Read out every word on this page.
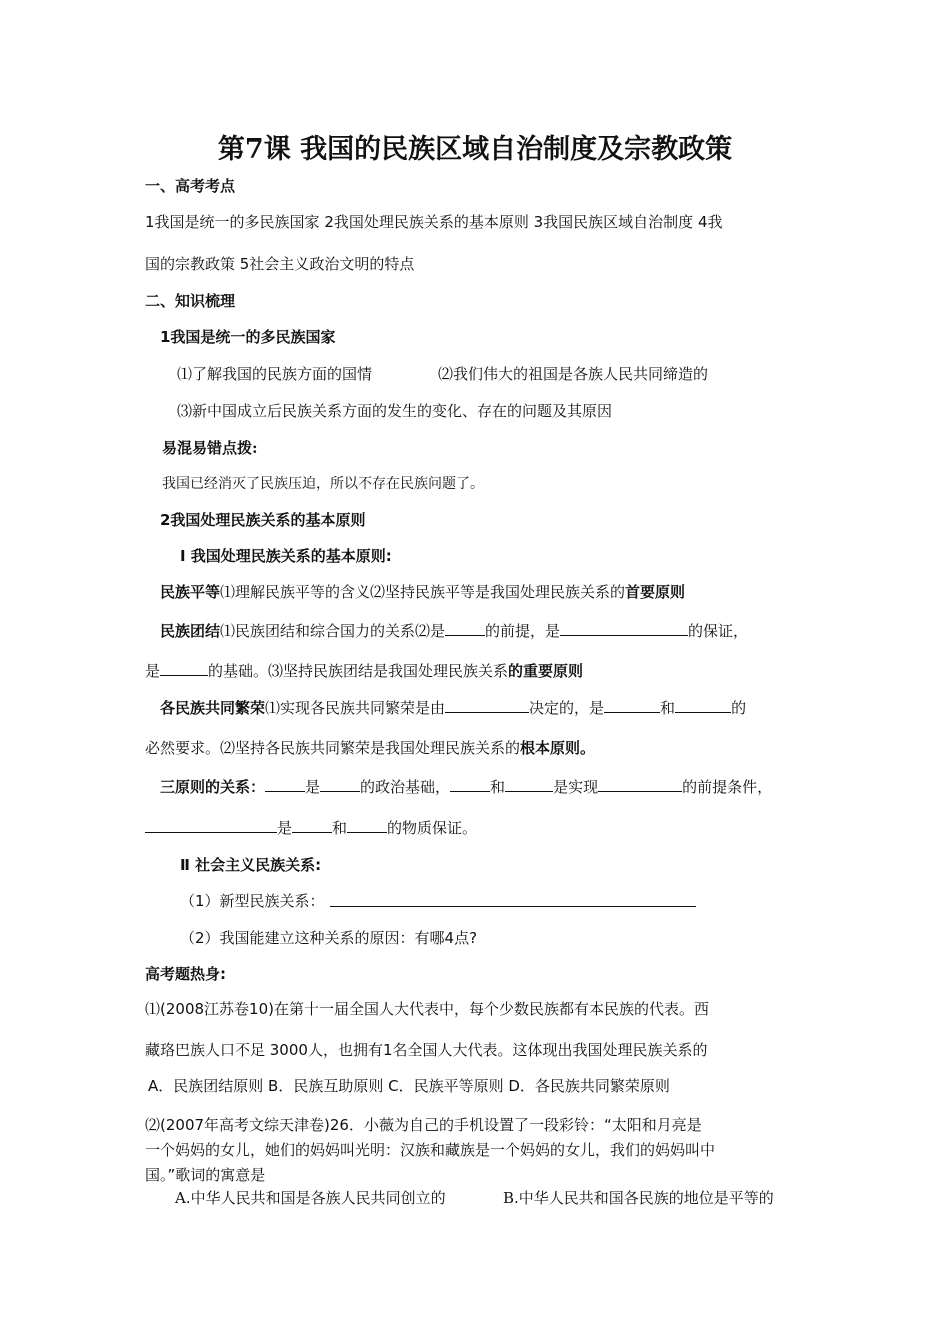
第7课 我国的民族区域自治制度及宗教政策
一、高考考点
1我国是统一的多民族国家 2我国处理民族关系的基本原则 3我国民族区域自治制度 4我
国的宗教政策 5社会主义政治文明的特点
二、知识梳理
1我国是统一的多民族国家
⑴了解我国的民族方面的国情	⑵我们伟大的祖国是各族人民共同缔造的
⑶新中国成立后民族关系方面的发生的变化、存在的问题及其原因
易混易错点拨:
我国已经消灭了民族压迫，所以不存在民族问题了。
2我国处理民族关系的基本原则
Ⅰ 我国处理民族关系的基本原则:
民族平等⑴理解民族平等的含义⑵坚持民族平等是我国处理民族关系的首要原则
民族团结⑴民族团结和综合国力的关系⑵是	的前提，是	的保证，
是	的基础。⑶坚持民族团结是我国处理民族关系的重要原则
各民族共同繁荣⑴实现各民族共同繁荣是由	决定的，是	和	的
必然要求。⑵坚持各民族共同繁荣是我国处理民族关系的根本原则。
三原则的关系：	是	的政治基础，	和	是实现	的前提条件，
是	和	的物质保证。
Ⅱ 社会主义民族关系:
（1）新型民族关系：
（2）我国能建立这种关系的原因：有哪4点?
高考题热身:
⑴(2008江苏卷10)在第十一届全国人大代表中，每个少数民族都有本民族的代表。西
藏珞巴族人口不足 3000人，也拥有1名全国人大代表。这体现出我国处理民族关系的
A．民族团结原则 B．民族互助原则 C．民族平等原则 D．各民族共同繁荣原则
⑵(2007年高考文综天津卷)26．小薇为自己的手机设置了一段彩铃：“太阳和月亮是
一个妈妈的女儿，她们的妈妈叫光明：汉族和藏族是一个妈妈的女儿，我们的妈妈叫中
国。”歌词的寓意是
A.中华人民共和国是各族人民共同创立的	B.中华人民共和国各民族的地位是平等的
